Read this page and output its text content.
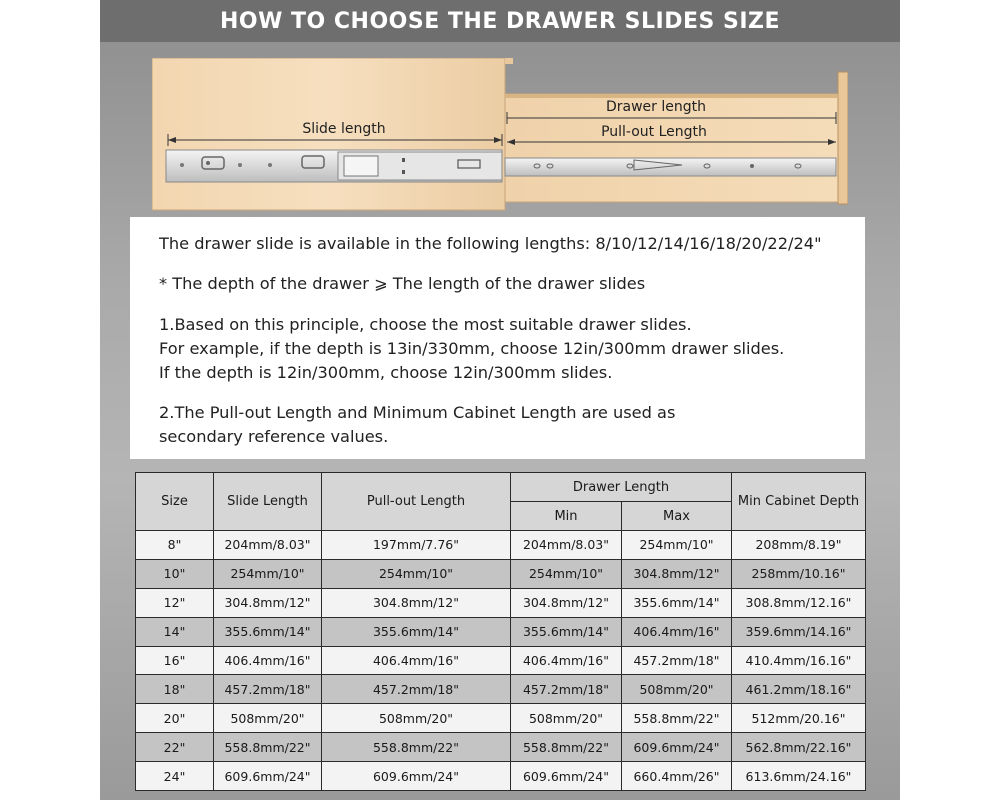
HOW TO CHOOSE THE DRAWER SLIDES SIZE
Drawer length
Pull-out Length
Slide length
The drawer slide is available in the following lengths: 8/10/12/14/16/18/20/22/24"
* The depth of the drawer ⩾ The length of the drawer slides
1.Based on this principle, choose the most suitable drawer slides.
For example, if the depth is 13in/330mm, choose 12in/300mm drawer slides.
If the depth is 12in/300mm, choose 12in/300mm slides.
2.The Pull-out Length and Minimum Cabinet Length are used as
secondary reference values.
Size	Slide Length	Pull-out Length	Drawer Length		Min Cabinet Depth
			Min	Max	
8"	204mm/8.03"	197mm/7.76"	204mm/8.03"	254mm/10"	208mm/8.19"
10"	254mm/10"	254mm/10"	254mm/10"	304.8mm/12"	258mm/10.16"
12"	304.8mm/12"	304.8mm/12"	304.8mm/12"	355.6mm/14"	308.8mm/12.16"
14"	355.6mm/14"	355.6mm/14"	355.6mm/14"	406.4mm/16"	359.6mm/14.16"
16"	406.4mm/16"	406.4mm/16"	406.4mm/16"	457.2mm/18"	410.4mm/16.16"
18"	457.2mm/18"	457.2mm/18"	457.2mm/18"	508mm/20"	461.2mm/18.16"
20"	508mm/20"	508mm/20"	508mm/20"	558.8mm/22"	512mm/20.16"
22"	558.8mm/22"	558.8mm/22"	558.8mm/22"	609.6mm/24"	562.8mm/22.16"
24"	609.6mm/24"	609.6mm/24"	609.6mm/24"	660.4mm/26"	613.6mm/24.16"
